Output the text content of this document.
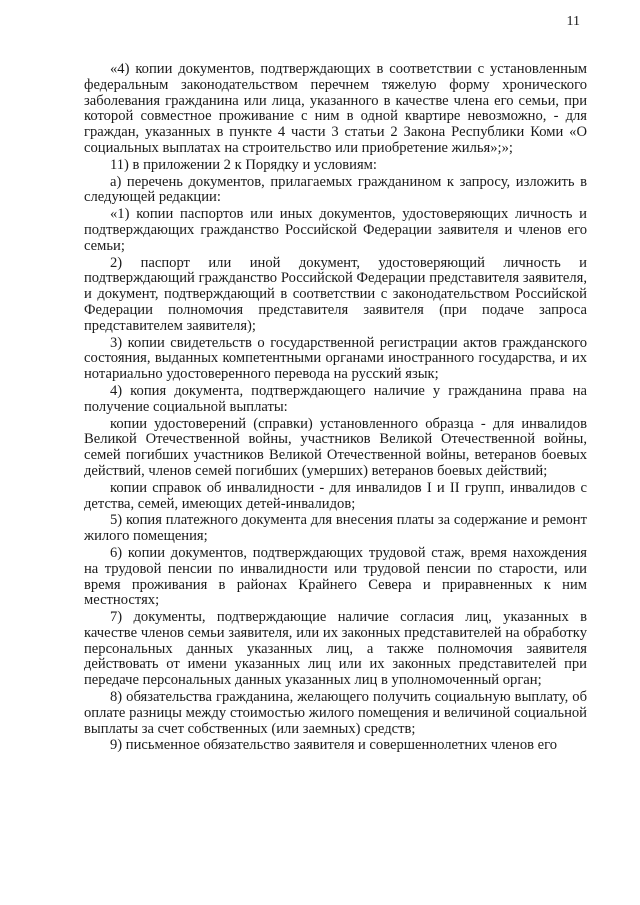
11

«4) копии документов, подтверждающих в соответствии с установленным федеральным законодательством перечнем тяжелую форму хронического заболевания гражданина или лица, указанного в качестве члена его семьи, при которой совместное проживание с ним в одной квартире невозможно, - для граждан, указанных в пункте 4 части 3 статьи 2 Закона Республики Коми «О социальных выплатах на строительство или приобретение жилья»;»;

11) в приложении 2 к Порядку и условиям:

а) перечень документов, прилагаемых гражданином к запросу, изложить в следующей редакции:

«1) копии паспортов или иных документов, удостоверяющих личность и подтверждающих гражданство Российской Федерации заявителя и членов его семьи;

2) паспорт или иной документ, удостоверяющий личность и подтверждающий гражданство Российской Федерации представителя заявителя, и документ, подтверждающий в соответствии с законодательством Российской Федерации полномочия представителя заявителя (при подаче запроса представителем заявителя);

3) копии свидетельств о государственной регистрации актов гражданского состояния, выданных компетентными органами иностранного государства, и их нотариально удостоверенного перевода на русский язык;

4) копия документа, подтверждающего наличие у гражданина права на получение социальной выплаты:

копии удостоверений (справки) установленного образца - для инвалидов Великой Отечественной войны, участников Великой Отечественной войны, семей погибших участников Великой Отечественной войны, ветеранов боевых действий, членов семей погибших (умерших) ветеранов боевых действий;

копии справок об инвалидности - для инвалидов I и II групп, инвалидов с детства, семей, имеющих детей-инвалидов;

5) копия платежного документа для внесения платы за содержание и ремонт жилого помещения;

6) копии документов, подтверждающих трудовой стаж, время нахождения на трудовой пенсии по инвалидности или трудовой пенсии по старости, или время проживания в районах Крайнего Севера и приравненных к ним местностях;

7) документы, подтверждающие наличие согласия лиц, указанных в качестве членов семьи заявителя, или их законных представителей на обработку персональных данных указанных лиц, а также полномочия заявителя действовать от имени указанных лиц или их законных представителей при передаче персональных данных указанных лиц в уполномоченный орган;

8) обязательства гражданина, желающего получить социальную выплату, об оплате разницы между стоимостью жилого помещения и величиной социальной выплаты за счет собственных (или заемных) средств;

9) письменное обязательство заявителя и совершеннолетних членов его
